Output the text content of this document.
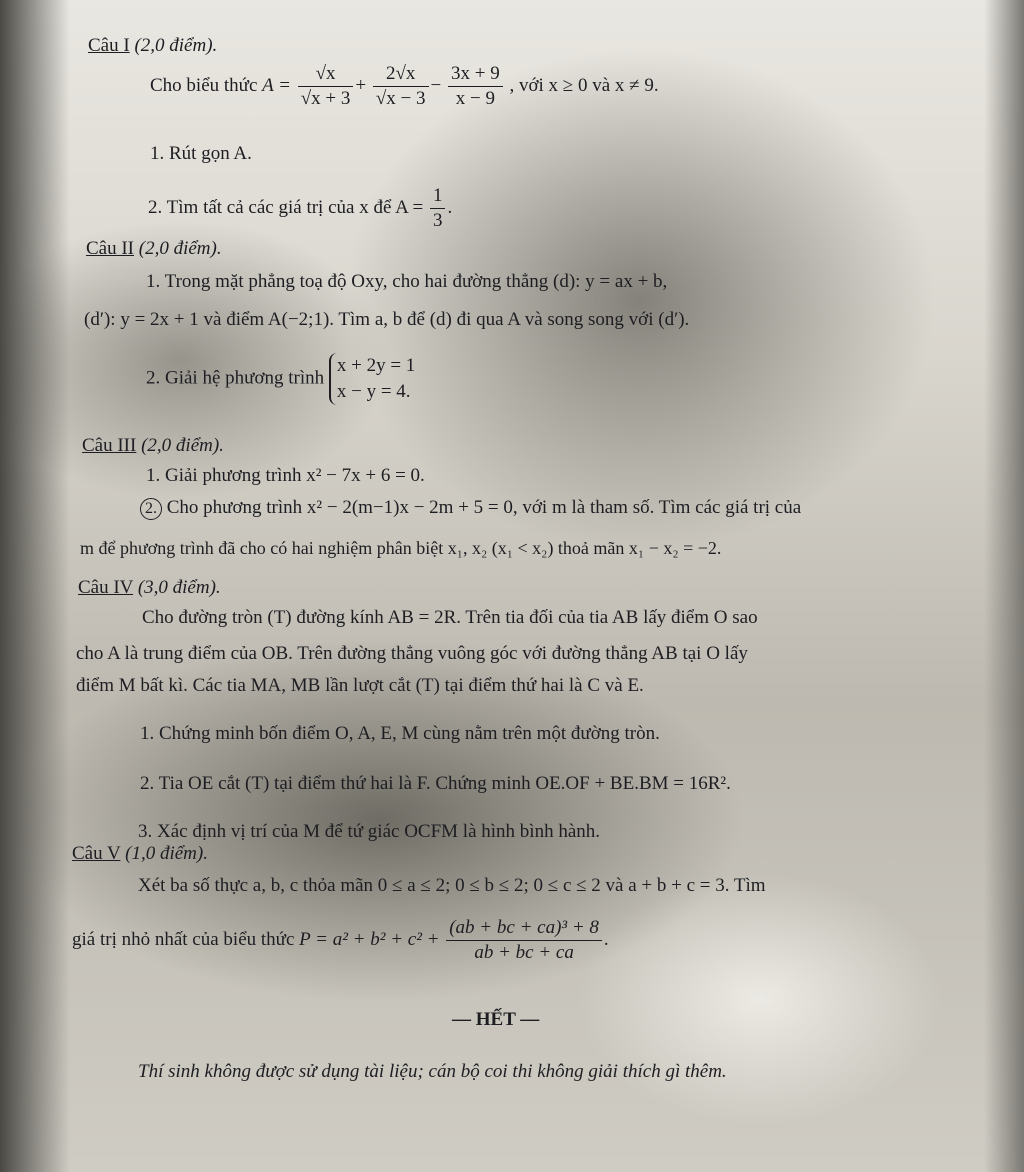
Câu I (2,0 điểm).
Cho biểu thức $A = \frac{√x}{√x + 3} + \frac{2√x}{√x - 3} - \frac{3x + 9}{x - 9}$ , với x ≥ 0 và x ≠ 9.
1. Rút gọn A.
2. Tìm tất cả các giá trị của x để $A = \frac{1}{3}$ .
Câu II (2,0 điểm).
1. Trong mặt phẳng toạ độ Oxy, cho hai đường thẳng (d): y = ax + b,
(d′): y = 2x + 1 và điểm A(−2;1). Tìm a, b để (d) đi qua A và song song với (d′).
2. Giải hệ phương trình
x + 2y = 1
x − y = 4.
Câu III (2,0 điểm).
1. Giải phương trình x² − 7x + 6 = 0.
2. Cho phương trình x² − 2(m−1)x − 2m + 5 = 0, với m là tham số. Tìm các giá trị của
m để phương trình đã cho có hai nghiệm phân biệt x₁, x₂ (x₁ < x₂) thoả mãn x₁ − x₂ = −2.
Câu IV (3,0 điểm).
Cho đường tròn (T) đường kính AB = 2R. Trên tia đối của tia AB lấy điểm O sao
cho A là trung điểm của OB. Trên đường thẳng vuông góc với đường thẳng AB tại O lấy
điểm M bất kì. Các tia MA, MB lần lượt cắt (T) tại điểm thứ hai là C và E.
1. Chứng minh bốn điểm O, A, E, M cùng nằm trên một đường tròn.
2. Tia OE cắt (T) tại điểm thứ hai là F. Chứng minh OE.OF + BE.BM = 16R².
3. Xác định vị trí của M để tứ giác OCFM là hình bình hành.
Câu V (1,0 điểm).
Xét ba số thực a, b, c thỏa mãn 0 ≤ a ≤ 2; 0 ≤ b ≤ 2; 0 ≤ c ≤ 2 và a + b + c = 3. Tìm
giá trị nhỏ nhất của biểu thức $P = a^2 + b^2 + c^2 + \frac{\text{(ab + bc + ca)³ + 8}}{ab + bc + ca}$ .
— HẾT —
Thí sinh không được sử dụng tài liệu; cán bộ coi thi không giải thích gì thêm.
